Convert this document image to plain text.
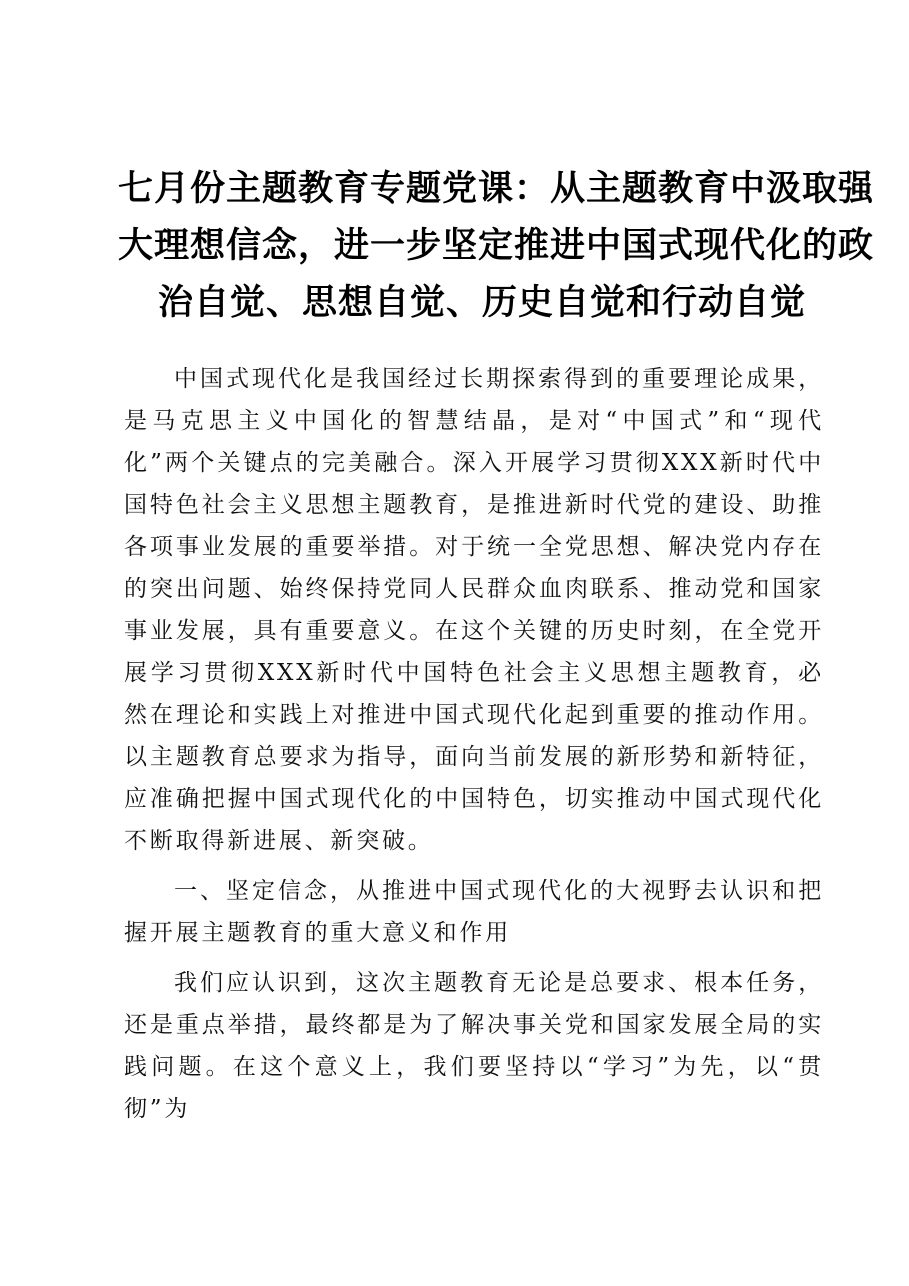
七月份主题教育专题党课：从主题教育中汲取强
大理想信念，进一步坚定推进中国式现代化的政
治自觉、思想自觉、历史自觉和行动自觉

中国式现代化是我国经过长期探索得到的重要理论成果，是马克思主义中国化的智慧结晶，是对“中国式”和“现代化”两个关键点的完美融合。深入开展学习贯彻XXX新时代中国特色社会主义思想主题教育，是推进新时代党的建设、助推各项事业发展的重要举措。对于统一全党思想、解决党内存在的突出问题、始终保持党同人民群众血肉联系、推动党和国家事业发展，具有重要意义。在这个关键的历史时刻，在全党开展学习贯彻XXX新时代中国特色社会主义思想主题教育，必然在理论和实践上对推进中国式现代化起到重要的推动作用。以主题教育总要求为指导，面向当前发展的新形势和新特征，应准确把握中国式现代化的中国特色，切实推动中国式现代化不断取得新进展、新突破。

一、坚定信念，从推进中国式现代化的大视野去认识和把握开展主题教育的重大意义和作用

我们应认识到，这次主题教育无论是总要求、根本任务，还是重点举措，最终都是为了解决事关党和国家发展全局的实践问题。在这个意义上，我们要坚持以“学习”为先，以“贯彻”为
